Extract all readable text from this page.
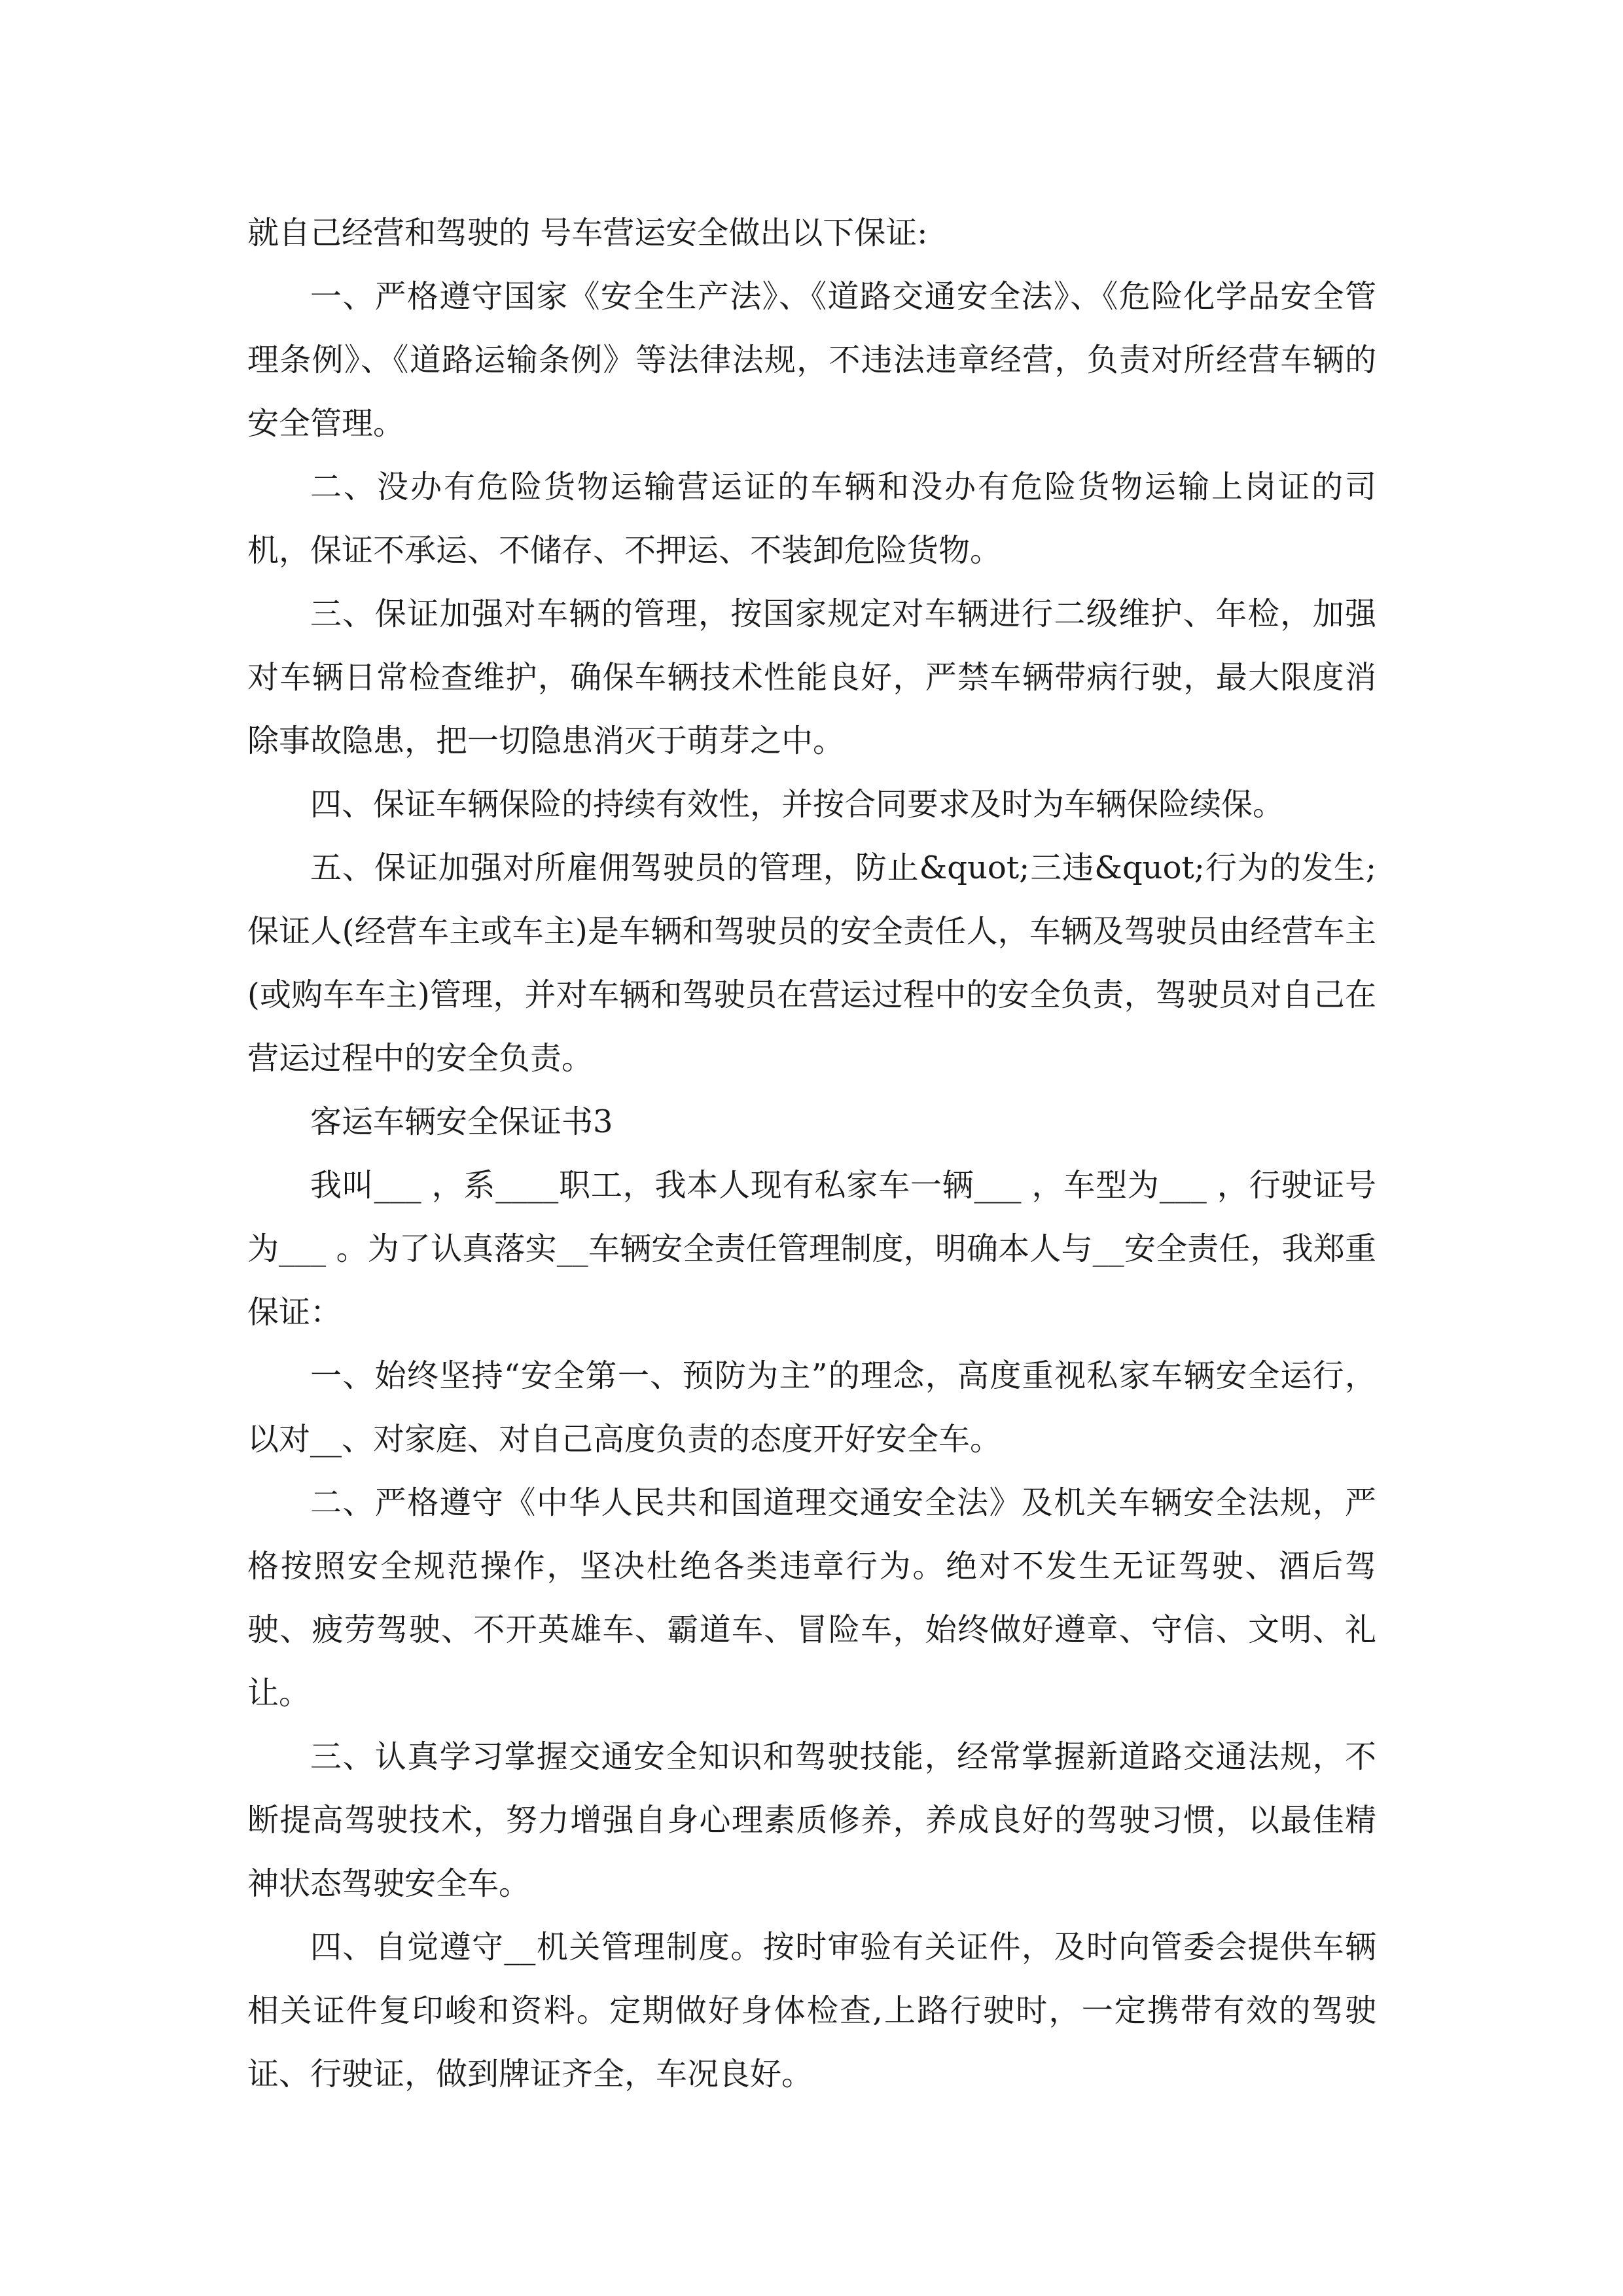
就自己经营和驾驶的 号车营运安全做出以下保证:

一、严格遵守国家《安全生产法》、《道路交通安全法》、《危险化学品安全管理条例》、《道路运输条例》等法律法规，不违法违章经营，负责对所经营车辆的安全管理。

二、没办有危险货物运输营运证的车辆和没办有危险货物运输上岗证的司机，保证不承运、不储存、不押运、不装卸危险货物。

三、保证加强对车辆的管理，按国家规定对车辆进行二级维护、年检，加强对车辆日常检查维护，确保车辆技术性能良好，严禁车辆带病行驶，最大限度消除事故隐患，把一切隐患消灭于萌芽之中。

四、保证车辆保险的持续有效性，并按合同要求及时为车辆保险续保。

五、保证加强对所雇佣驾驶员的管理，防止&quot;三违&quot;行为的发生;保证人(经营车主或车主)是车辆和驾驶员的安全责任人，车辆及驾驶员由经营车主(或购车车主)管理，并对车辆和驾驶员在营运过程中的安全负责，驾驶员对自己在营运过程中的安全负责。

客运车辆安全保证书3

我叫___ ，系____职工，我本人现有私家车一辆___ ，车型为___ ，行驶证号为___ 。为了认真落实__车辆安全责任管理制度，明确本人与__安全责任，我郑重保证：

一、始终坚持“安全第一、预防为主”的理念，高度重视私家车辆安全运行，以对__、对家庭、对自己高度负责的态度开好安全车。

二、严格遵守《中华人民共和国道理交通安全法》及机关车辆安全法规，严格按照安全规范操作，坚决杜绝各类违章行为。绝对不发生无证驾驶、酒后驾驶、疲劳驾驶、不开英雄车、霸道车、冒险车，始终做好遵章、守信、文明、礼让。

三、认真学习掌握交通安全知识和驾驶技能，经常掌握新道路交通法规，不断提高驾驶技术，努力增强自身心理素质修养，养成良好的驾驶习惯，以最佳精神状态驾驶安全车。

四、自觉遵守__机关管理制度。按时审验有关证件，及时向管委会提供车辆相关证件复印峻和资料。定期做好身体检查,上路行驶时，一定携带有效的驾驶证、行驶证，做到牌证齐全，车况良好。
